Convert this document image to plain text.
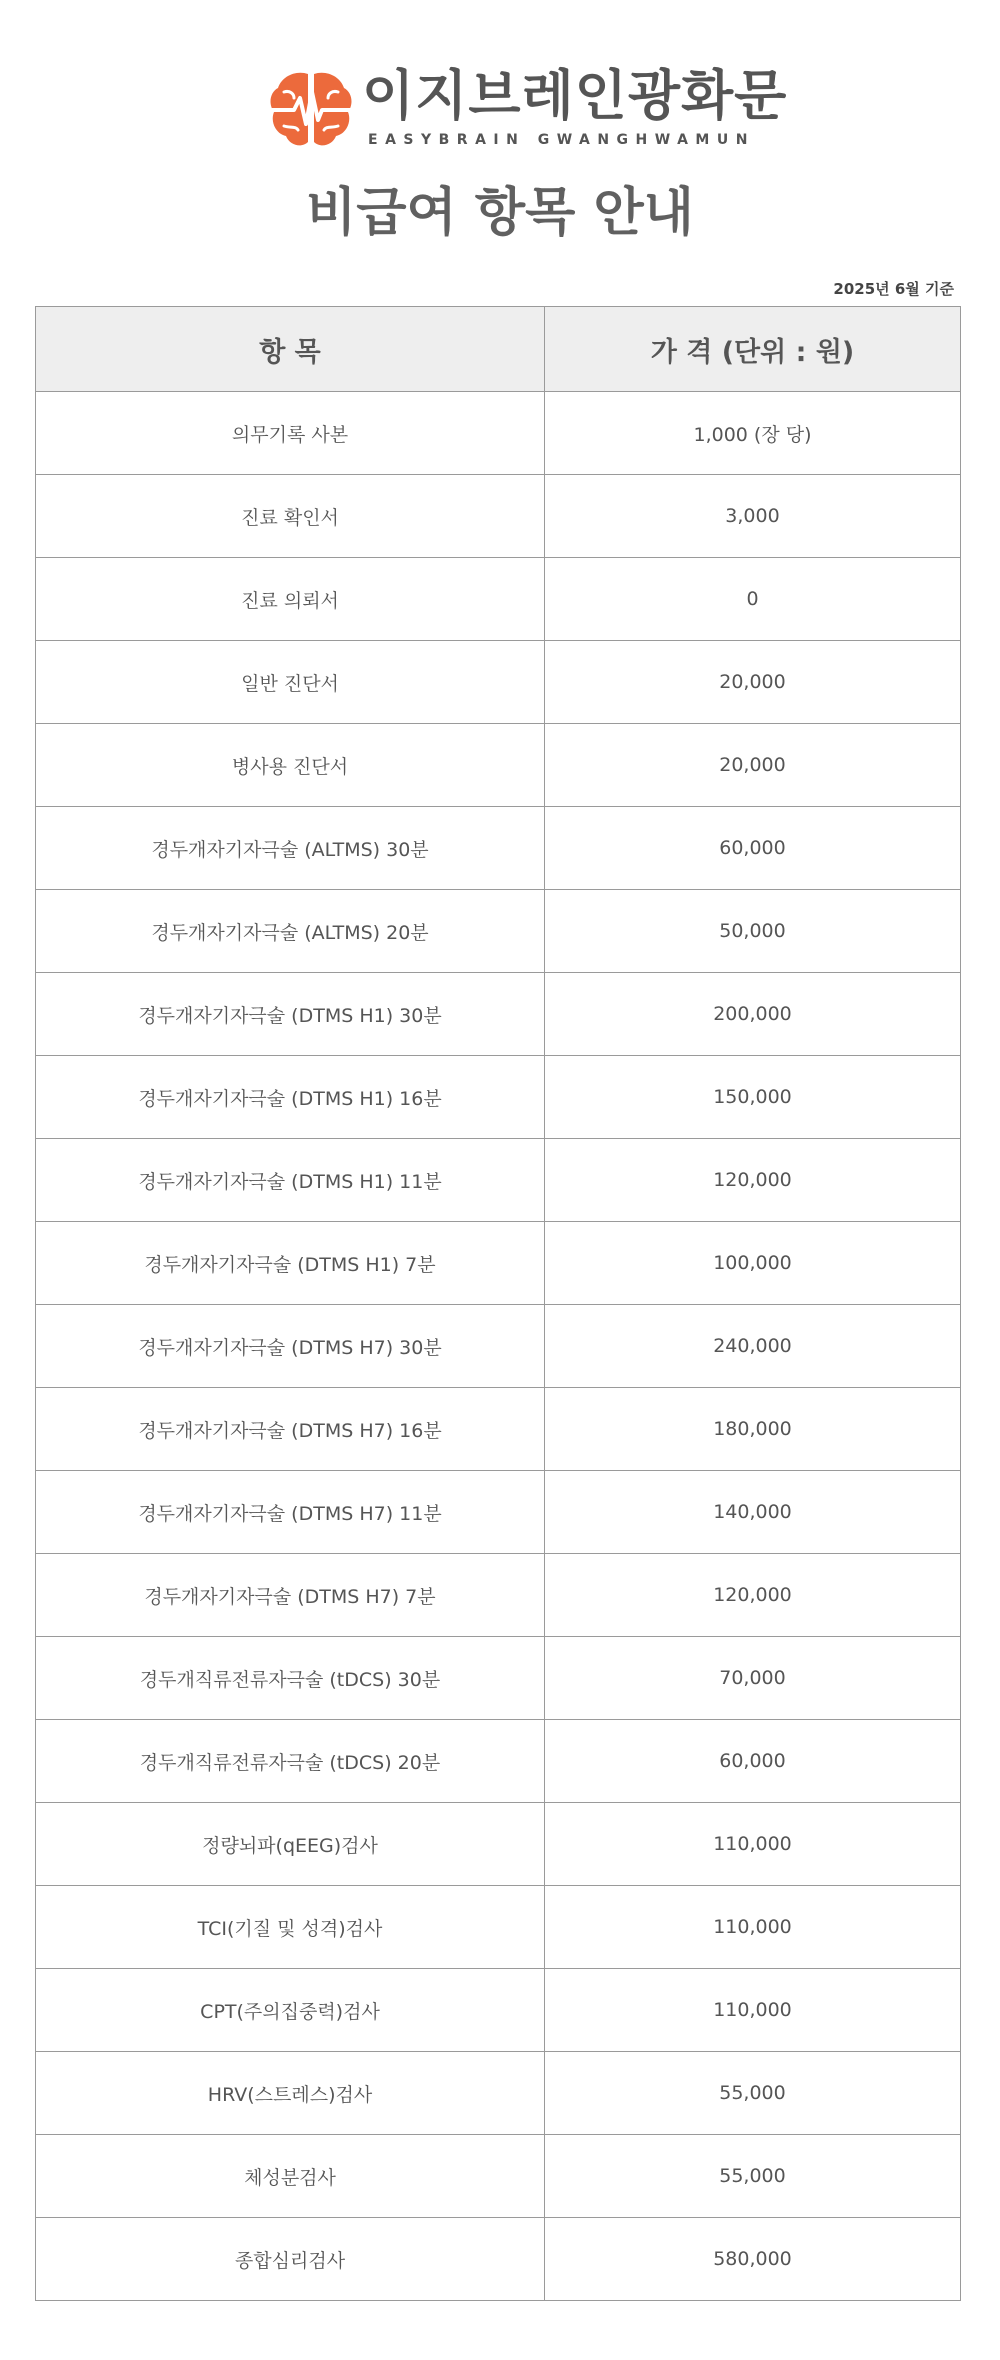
이지브레인광화문
EASYBRAIN GWANGHWAMUN
비급여 항목 안내
2025년 6월 기준
항 목	가 격 (단위 : 원)
의무기록 사본	1,000 (장 당)
진료 확인서	3,000
진료 의뢰서	0
일반 진단서	20,000
병사용 진단서	20,000
경두개자기자극술 (ALTMS) 30분	60,000
경두개자기자극술 (ALTMS) 20분	50,000
경두개자기자극술 (DTMS H1) 30분	200,000
경두개자기자극술 (DTMS H1) 16분	150,000
경두개자기자극술 (DTMS H1) 11분	120,000
경두개자기자극술 (DTMS H1) 7분	100,000
경두개자기자극술 (DTMS H7) 30분	240,000
경두개자기자극술 (DTMS H7) 16분	180,000
경두개자기자극술 (DTMS H7) 11분	140,000
경두개자기자극술 (DTMS H7) 7분	120,000
경두개직류전류자극술 (tDCS) 30분	70,000
경두개직류전류자극술 (tDCS) 20분	60,000
정량뇌파(qEEG)검사	110,000
TCI(기질 및 성격)검사	110,000
CPT(주의집중력)검사	110,000
HRV(스트레스)검사	55,000
체성분검사	55,000
종합심리검사	580,000
